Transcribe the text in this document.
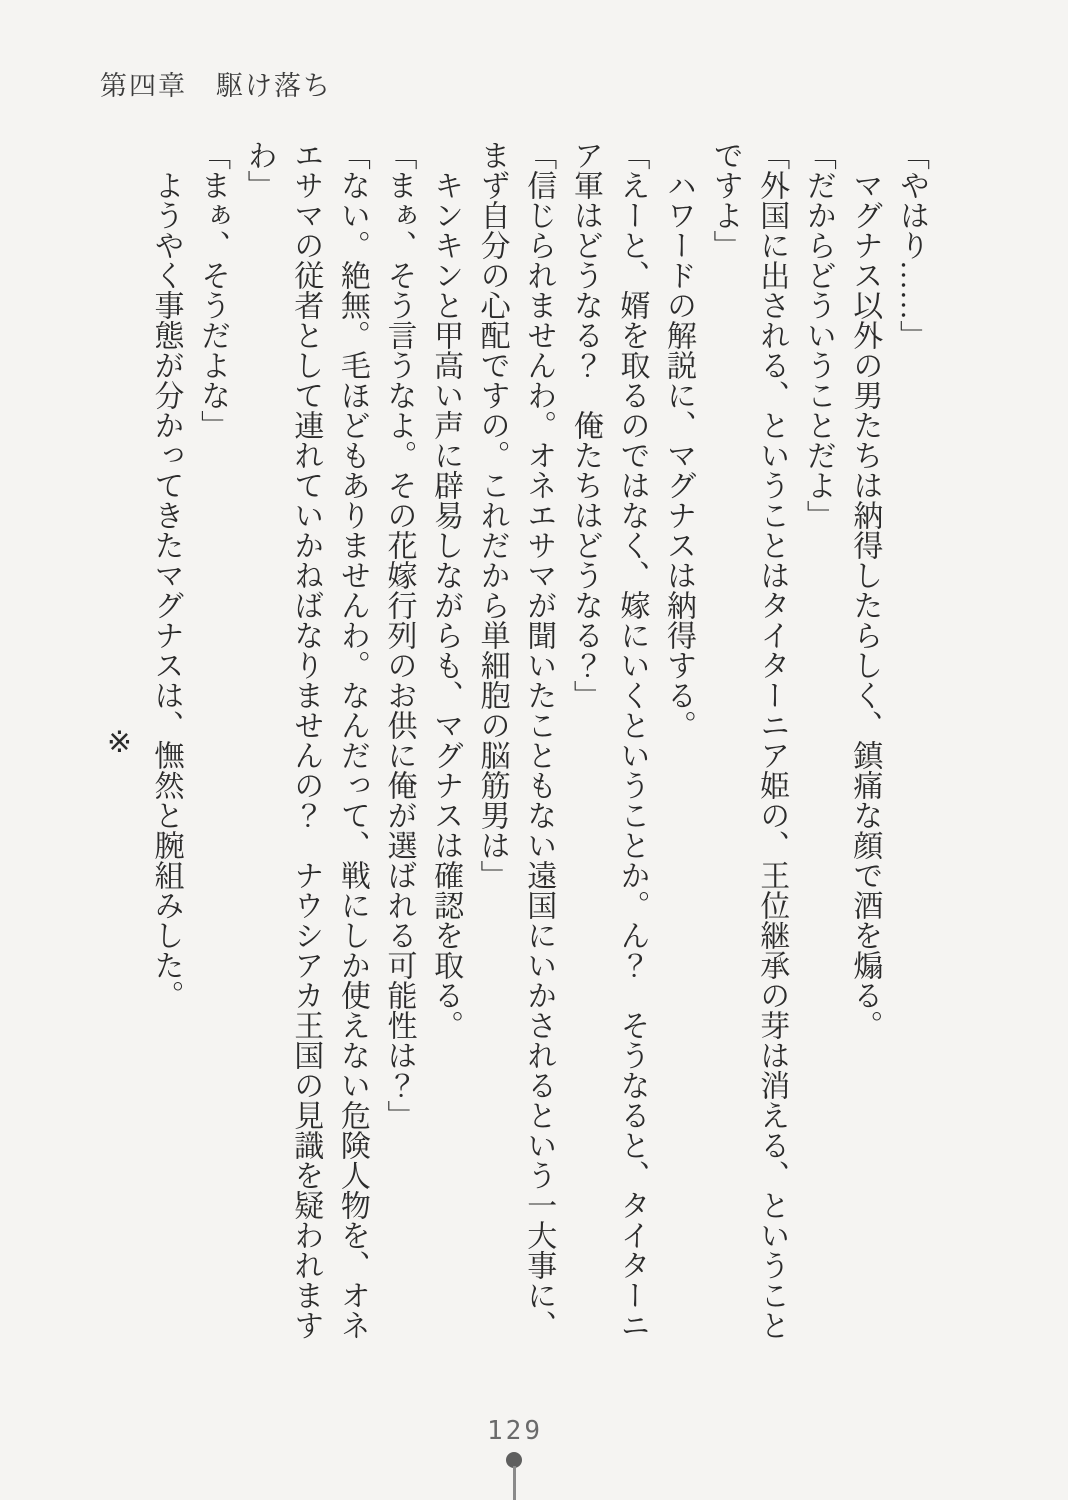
第四章　駆け落ち

「やはり……」

マグナス以外の男たちは納得したらしく、鎮痛な顔で酒を煽る。

「だからどういうことだよ」

「外国に出される、ということはタイターニア姫の、王位継承の芽は消える、ということですよ」

ハワードの解説に、マグナスは納得する。

「えーと、婿を取るのではなく、嫁にいくということか。ん？　そうなると、タイターニア軍はどうなる？　俺たちはどうなる？」

「信じられませんわ。オネエサマが聞いたこともない遠国にいかされるという一大事に、まず自分の心配ですの。これだから単細胞の脳筋男は」

キンキンと甲高い声に辟易しながらも、マグナスは確認を取る。

「まぁ、そう言うなよ。その花嫁行列のお供に俺が選ばれる可能性は？」

「ない。絶無。毛ほどもありませんわ。なんだって、戦にしか使えない危険人物を、オネエサマの従者として連れていかねばなりませんの？　ナウシアカ王国の見識を疑われますわ」

「まぁ、そうだよな」

ようやく事態が分かってきたマグナスは、憮然と腕組みした。

※

129
